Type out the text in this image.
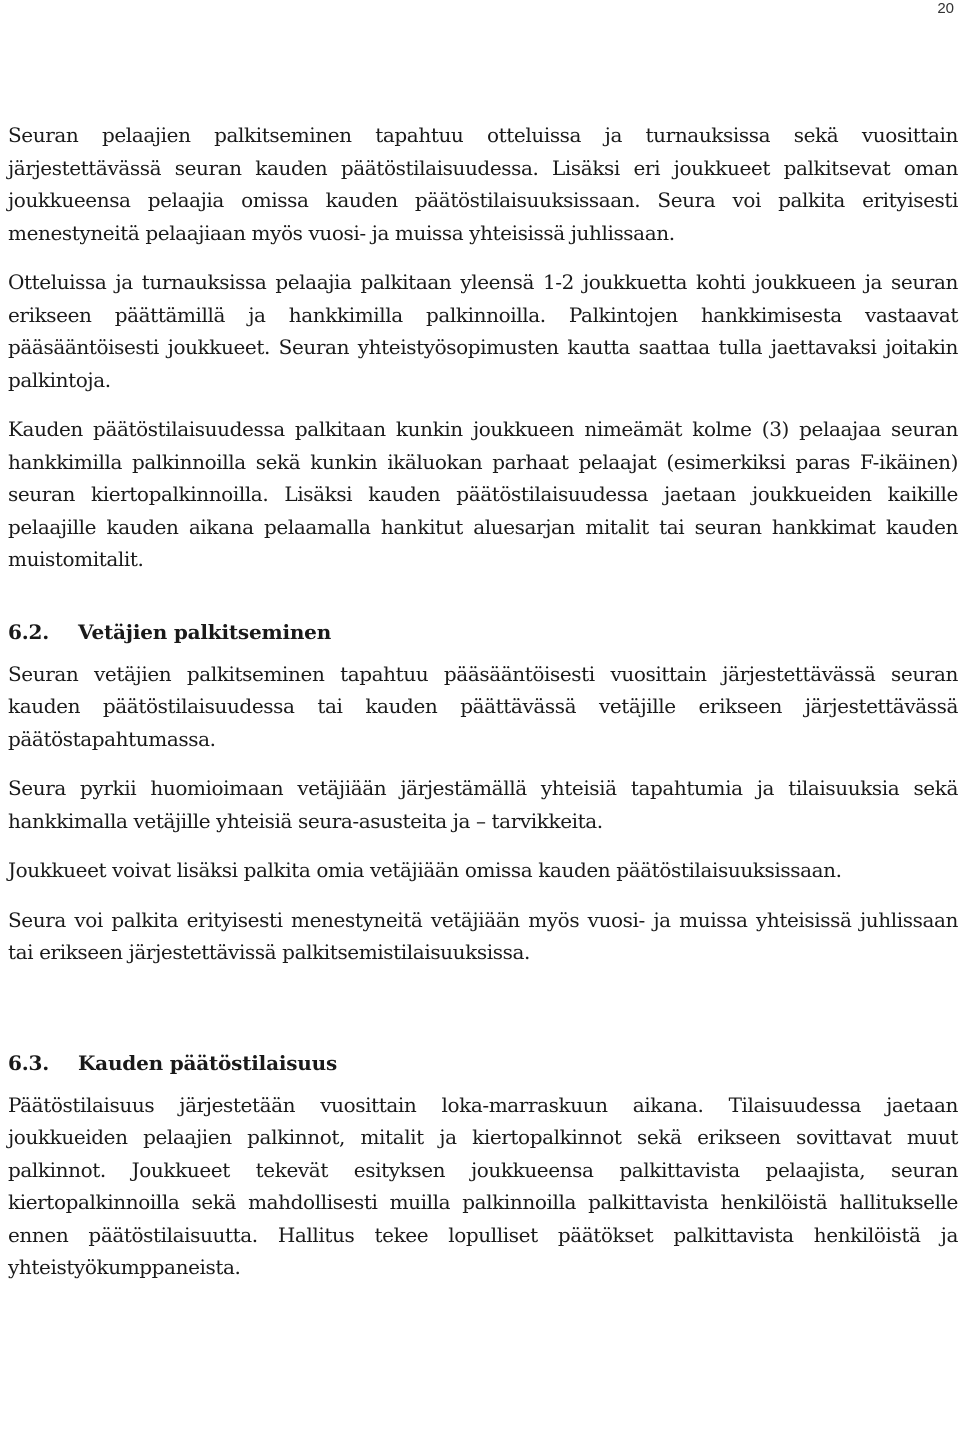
20

Seuran pelaajien palkitseminen tapahtuu otteluissa ja turnauksissa sekä vuosittain järjestettävässä seuran kauden päätöstilaisuudessa. Lisäksi eri joukkueet palkitsevat oman joukkueensa pelaajia omissa kauden päätöstilaisuuksissaan. Seura voi palkita erityisesti menestyneitä pelaajiaan myös vuosi- ja muissa yhteisissä juhlissaan.

Otteluissa ja turnauksissa pelaajia palkitaan yleensä 1-2 joukkuetta kohti joukkueen ja seuran erikseen päättämillä ja hankkimilla palkinnoilla. Palkintojen hankkimisesta vastaavat pääsääntöisesti joukkueet. Seuran yhteistyösopimusten kautta saattaa tulla jaettavaksi joitakin palkintoja.

Kauden päätöstilaisuudessa palkitaan kunkin joukkueen nimeämät kolme (3) pelaajaa seuran hankkimilla palkinnoilla sekä kunkin ikäluokan parhaat pelaajat (esimerkiksi paras F-ikäinen) seuran kiertopalkinnoilla. Lisäksi kauden päätöstilaisuudessa jaetaan joukkueiden kaikille pelaajille kauden aikana pelaamalla hankitut aluesarjan mitalit tai seuran hankkimat kauden muistomitalit.

6.2. Vetäjien palkitseminen

Seuran vetäjien palkitseminen tapahtuu pääsääntöisesti vuosittain järjestettävässä seuran kauden päätöstilaisuudessa tai kauden päättävässä vetäjille erikseen järjestettävässä päätöstapahtumassa.

Seura pyrkii huomioimaan vetäjiään järjestämällä yhteisiä tapahtumia ja tilaisuuksia sekä hankkimalla vetäjille yhteisiä seura-asusteita ja – tarvikkeita.

Joukkueet voivat lisäksi palkita omia vetäjiään omissa kauden päätöstilaisuuksissaan.

Seura voi palkita erityisesti menestyneitä vetäjiään myös vuosi- ja muissa yhteisissä juhlissaan tai erikseen järjestettävissä palkitsemistilaisuuksissa.

6.3. Kauden päätöstilaisuus

Päätöstilaisuus järjestetään vuosittain loka-marraskuun aikana. Tilaisuudessa jaetaan joukkueiden pelaajien palkinnot, mitalit ja kiertopalkinnot sekä erikseen sovittavat muut palkinnot. Joukkueet tekevät esityksen joukkueensa palkittavista pelaajista, seuran kiertopalkinnoilla sekä mahdollisesti muilla palkinnoilla palkittavista henkilöistä hallitukselle ennen päätöstilaisuutta. Hallitus tekee lopulliset päätökset palkittavista henkilöistä ja yhteistyökumppaneista.
